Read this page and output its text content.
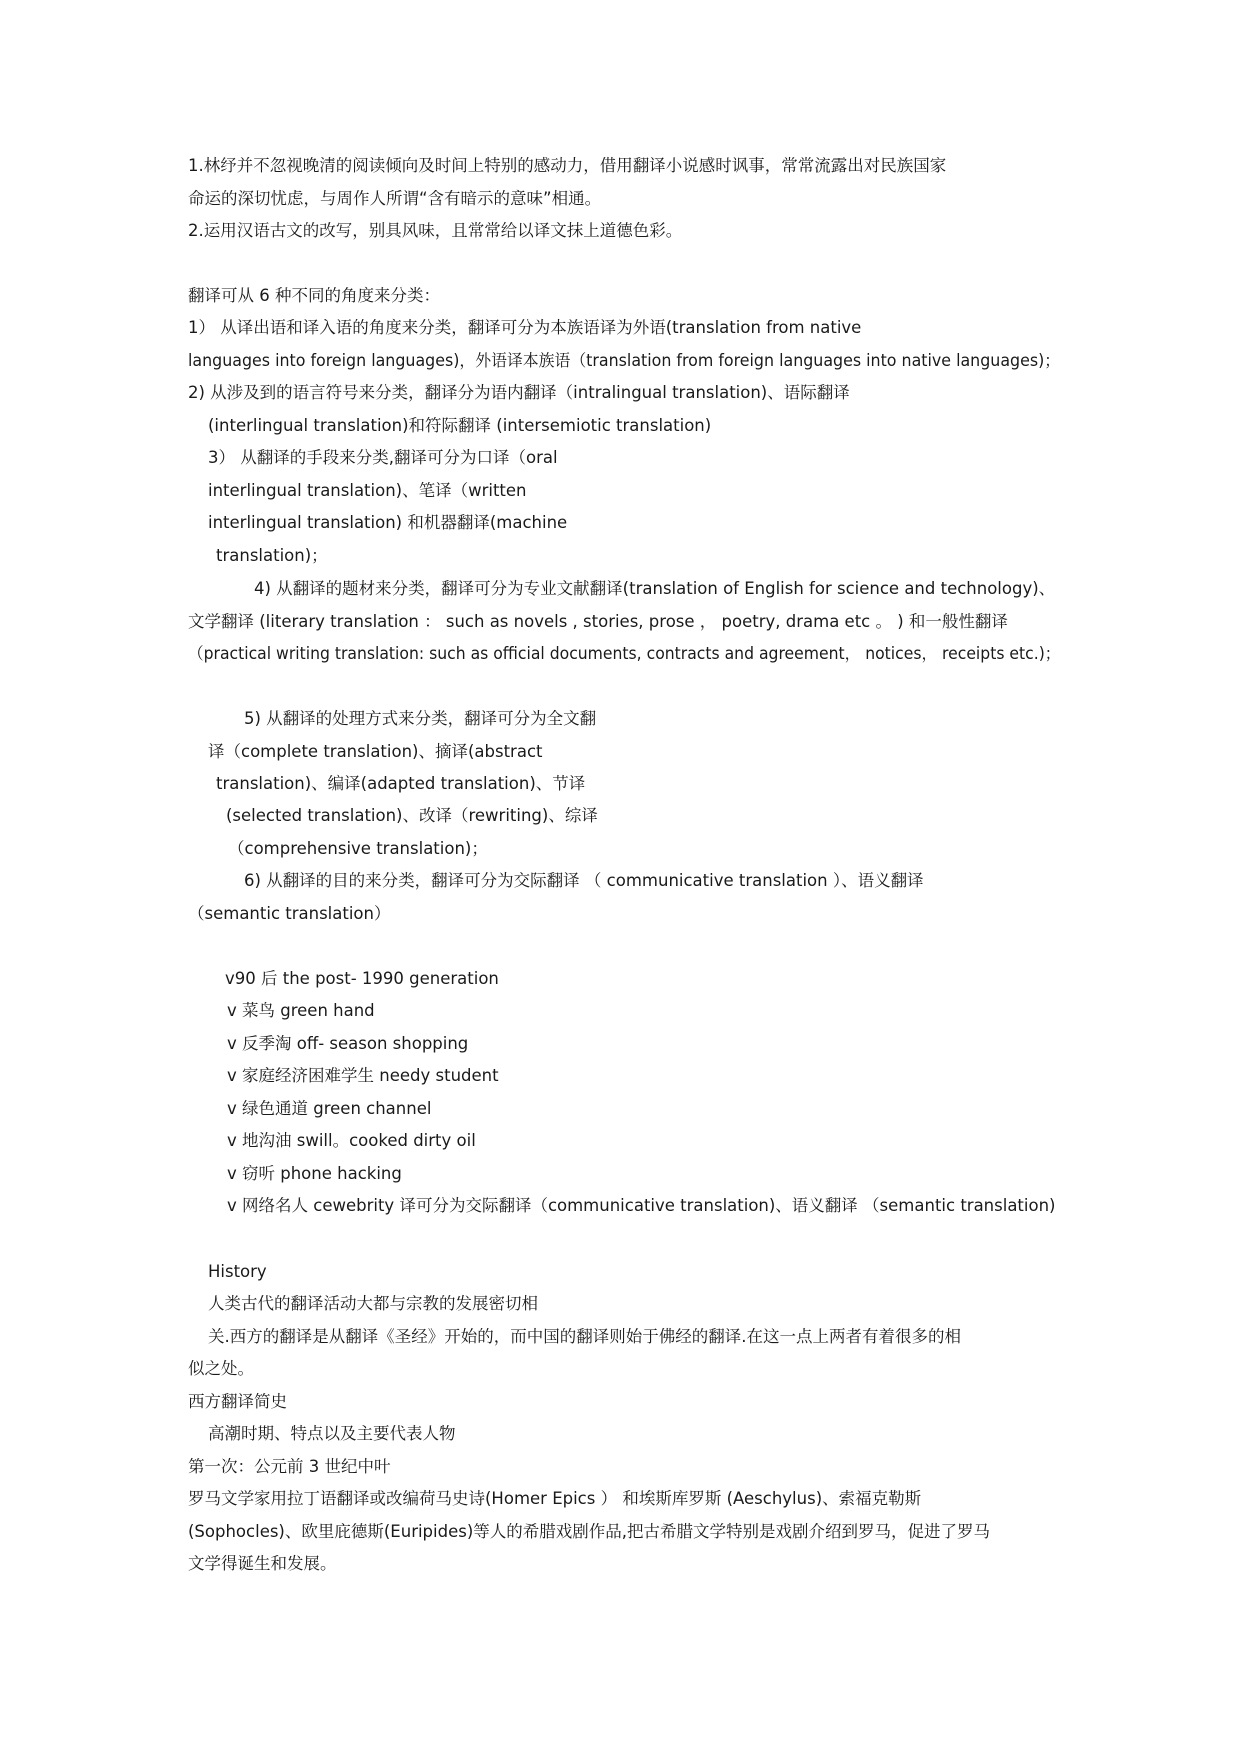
1.林纾并不忽视晚清的阅读倾向及时间上特别的感动力，借用翻译小说感时讽事，常常流露出对民族国家
命运的深切忧虑，与周作人所谓“含有暗示的意味”相通。
2.运用汉语古文的改写，别具风味，且常常给以译文抹上道德色彩。
翻译可从 6 种不同的角度来分类：
1） 从译出语和译入语的角度来分类，翻译可分为本族语译为外语(translation from native
languages into foreign languages)，外语译本族语（translation from foreign languages into native languages)；
2) 从涉及到的语言符号来分类，翻译分为语内翻译（intralingual translation)、语际翻译
(interlingual translation)和符际翻译 (intersemiotic translation)
3） 从翻译的手段来分类,翻译可分为口译（oral
interlingual translation)、笔译（written
interlingual translation) 和机器翻译(machine
translation)；
4) 从翻译的题材来分类，翻译可分为专业文献翻译(translation of English for science and technology)、
文学翻译 (literary translation ： such as novels , stories, prose ， poetry, drama etc 。 ) 和一般性翻译
（practical writing translation: such as official documents, contracts and agreement， notices， receipts etc.)；
5) 从翻译的处理方式来分类，翻译可分为全文翻
译（complete translation)、摘译(abstract
translation)、编译(adapted translation)、节译
(selected translation)、改译（rewriting)、综译
（comprehensive translation)；
6) 从翻译的目的来分类，翻译可分为交际翻译 （ communicative translation ）、语义翻译
（semantic translation）
v90 后 the post- 1990 generation
v 菜鸟 green hand
v 反季淘 off- season shopping
v 家庭经济困难学生 needy student
v 绿色通道 green channel
v 地沟油 swill。cooked dirty oil
v 窃听 phone hacking
v 网络名人 cewebrity 译可分为交际翻译（communicative translation)、语义翻译 （semantic translation)
History
人类古代的翻译活动大都与宗教的发展密切相
关.西方的翻译是从翻译《圣经》开始的，而中国的翻译则始于佛经的翻译.在这一点上两者有着很多的相
似之处。
西方翻译简史
高潮时期、特点以及主要代表人物
第一次：公元前 3 世纪中叶
罗马文学家用拉丁语翻译或改编荷马史诗(Homer Epics ） 和埃斯库罗斯 (Aeschylus)、索福克勒斯
(Sophocles)、欧里庇德斯(Euripides)等人的希腊戏剧作品,把古希腊文学特别是戏剧介绍到罗马，促进了罗马
文学得诞生和发展。
